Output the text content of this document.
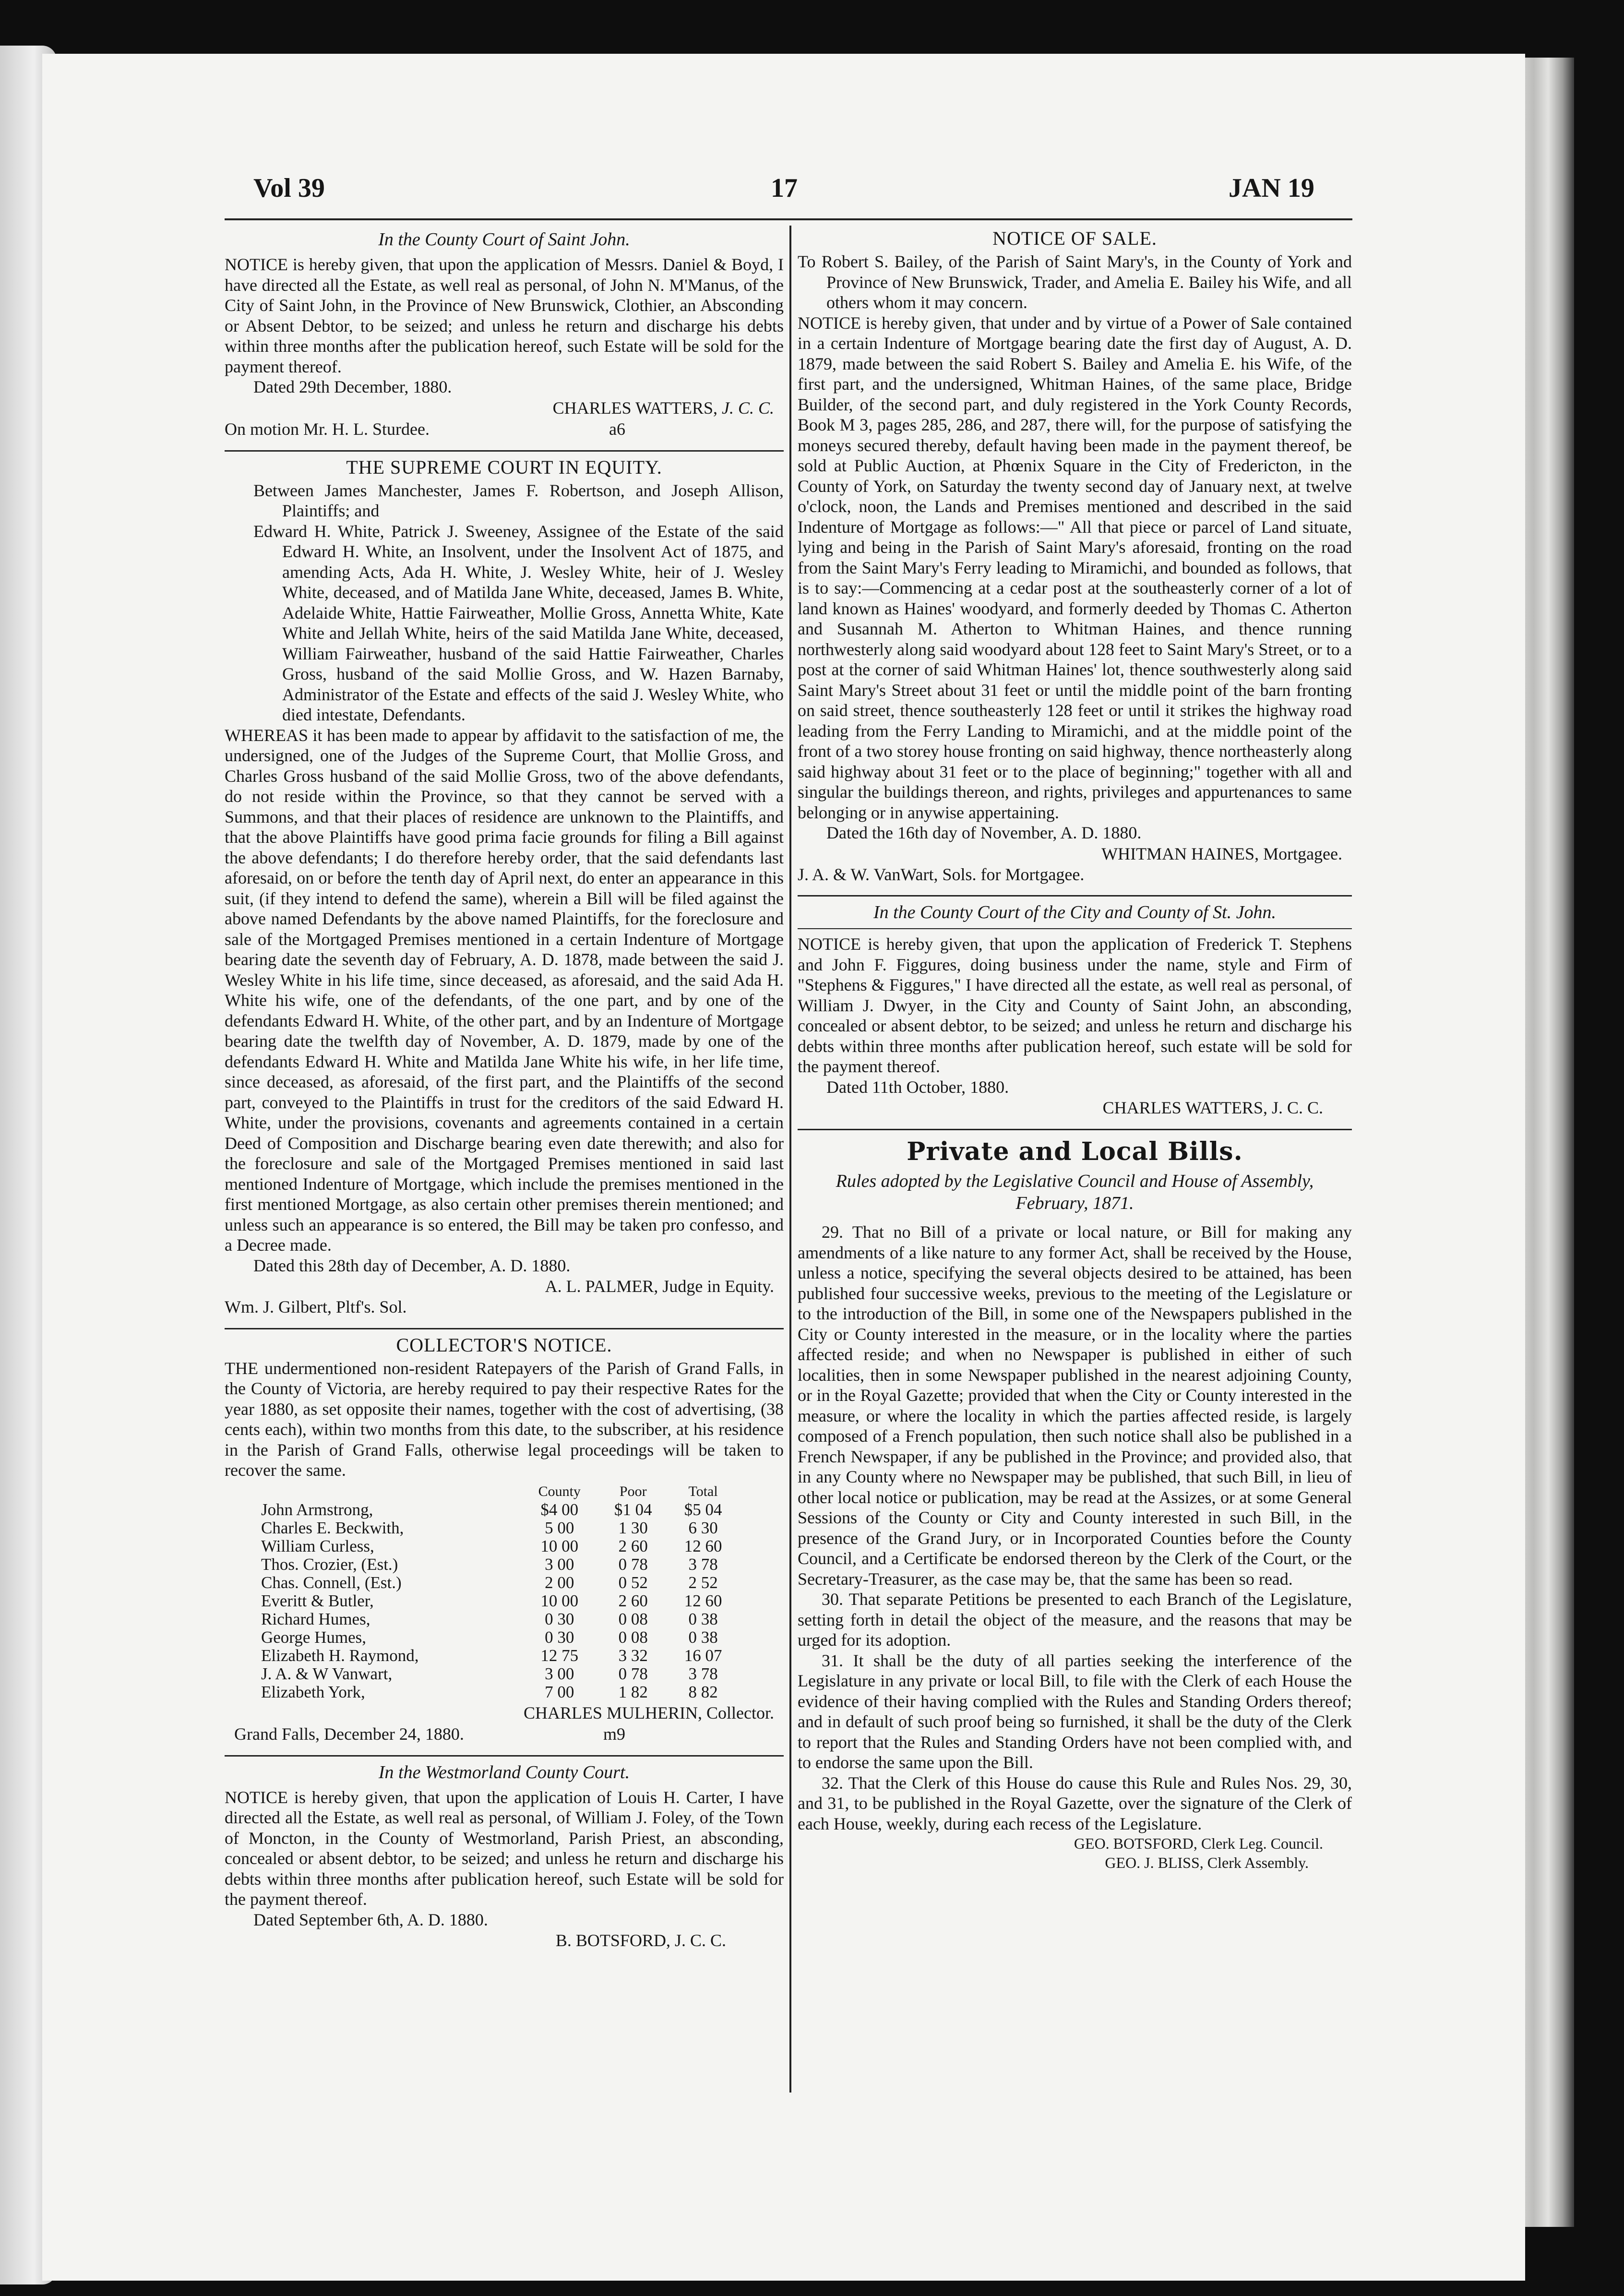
Vol 39	17	JAN 19
In the County Court of Saint John.

NOTICE is hereby given, that upon the application of Messrs. Daniel & Boyd, I have directed all the Estate, as well real as personal, of John N. M'Manus, of the City of Saint John, in the Province of New Brunswick, Clothier, an Absconding or Absent Debtor, to be seized; and unless he return and discharge his debts within three months after the publication hereof, such Estate will be sold for the payment thereof.

Dated 29th December, 1880.
CHARLES WATTERS, J. C. C.
On motion Mr. H. L. Sturdee.	a6
THE SUPREME COURT IN EQUITY.

Between James Manchester, James F. Robertson, and Joseph Allison, Plaintiffs; and

Edward H. White, Patrick J. Sweeney, Assignee of the Estate of the said Edward H. White, an Insolvent, under the Insolvent Act of 1875, and amending Acts, Ada H. White, J. Wesley White, heir of J. Wesley White, deceased, and of Matilda Jane White, deceased, James B. White, Adelaide White, Hattie Fairweather, Mollie Gross, Annetta White, Kate White and Jellah White, heirs of the said Matilda Jane White, deceased, William Fairweather, husband of the said Hattie Fairweather, Charles Gross, husband of the said Mollie Gross, and W. Hazen Barnaby, Administrator of the Estate and effects of the said J. Wesley White, who died intestate, Defendants.

WHEREAS it has been made to appear by affidavit to the satisfaction of me, the undersigned, one of the Judges of the Supreme Court, that Mollie Gross, and Charles Gross husband of the said Mollie Gross, two of the above defendants, do not reside within the Province, so that they cannot be served with a Summons, and that their places of residence are unknown to the Plaintiffs, and that the above Plaintiffs have good prima facie grounds for filing a Bill against the above defendants; I do therefore hereby order, that the said defendants last aforesaid, on or before the tenth day of April next, do enter an appearance in this suit, (if they intend to defend the same), wherein a Bill will be filed against the above named Defendants by the above named Plaintiffs, for the foreclosure and sale of the Mortgaged Premises mentioned in a certain Indenture of Mortgage bearing date the seventh day of February, A. D. 1878, made between the said J. Wesley White in his life time, since deceased, as aforesaid, and the said Ada H. White his wife, one of the defendants, of the one part, and by one of the defendants Edward H. White, of the other part, and by an Indenture of Mortgage bearing date the twelfth day of November, A. D. 1879, made by one of the defendants Edward H. White and Matilda Jane White his wife, in her life time, since deceased, as aforesaid, of the first part, and the Plaintiffs of the second part, conveyed to the Plaintiffs in trust for the creditors of the said Edward H. White, under the provisions, covenants and agreements contained in a certain Deed of Composition and Discharge bearing even date therewith; and also for the foreclosure and sale of the Mortgaged Premises mentioned in said last mentioned Indenture of Mortgage, which include the premises mentioned in the first mentioned Mortgage, as also certain other premises therein mentioned; and unless such an appearance is so entered, the Bill may be taken pro confesso, and a Decree made.

Dated this 28th day of December, A. D. 1880.
A. L. PALMER, Judge in Equity.
Wm. J. Gilbert, Pltf's. Sol.
COLLECTOR'S NOTICE.

THE undermentioned non-resident Ratepayers of the Parish of Grand Falls, in the County of Victoria, are hereby required to pay their respective Rates for the year 1880, as set opposite their names, together with the cost of advertising, (38 cents each), within two months from this date, to the subscriber, at his residence in the Parish of Grand Falls, otherwise legal proceedings will be taken to recover the same.

	County	Poor	Total
John Armstrong,	$4 00	$1 04	$5 04
Charles E. Beckwith,	5 00	1 30	6 30
William Curless,	10 00	2 60	12 60
Thos. Crozier, (Est.)	3 00	0 78	3 78
Chas. Connell, (Est.)	2 00	0 52	2 52
Everitt & Butler,	10 00	2 60	12 60
Richard Humes,	0 30	0 08	0 38
George Humes,	0 30	0 08	0 38
Elizabeth H. Raymond,	12 75	3 32	16 07
J. A. & W Vanwart,	3 00	0 78	3 78
Elizabeth York,	7 00	1 82	8 82
CHARLES MULHERIN, Collector.
Grand Falls, December 24, 1880.	m9
In the Westmorland County Court.

NOTICE is hereby given, that upon the application of Louis H. Carter, I have directed all the Estate, as well real as personal, of William J. Foley, of the Town of Moncton, in the County of Westmorland, Parish Priest, an absconding, concealed or absent debtor, to be seized; and unless he return and discharge his debts within three months after publication hereof, such Estate will be sold for the payment thereof.

Dated September 6th, A. D. 1880.
B. BOTSFORD, J. C. C.
NOTICE OF SALE.

To Robert S. Bailey, of the Parish of Saint Mary's, in the County of York and Province of New Brunswick, Trader, and Amelia E. Bailey his Wife, and all others whom it may concern.

NOTICE is hereby given, that under and by virtue of a Power of Sale contained in a certain Indenture of Mortgage bearing date the first day of August, A. D. 1879, made between the said Robert S. Bailey and Amelia E. his Wife, of the first part, and the undersigned, Whitman Haines, of the same place, Bridge Builder, of the second part, and duly registered in the York County Records, Book M 3, pages 285, 286, and 287, there will, for the purpose of satisfying the moneys secured thereby, default having been made in the payment thereof, be sold at Public Auction, at Phœnix Square in the City of Fredericton, in the County of York, on Saturday the twenty second day of January next, at twelve o'clock, noon, the Lands and Premises mentioned and described in the said Indenture of Mortgage as follows:—" All that piece or parcel of Land situate, lying and being in the Parish of Saint Mary's aforesaid, fronting on the road from the Saint Mary's Ferry leading to Miramichi, and bounded as follows, that is to say:—Commencing at a cedar post at the southeasterly corner of a lot of land known as Haines' woodyard, and formerly deeded by Thomas C. Atherton and Susannah M. Atherton to Whitman Haines, and thence running northwesterly along said woodyard about 128 feet to Saint Mary's Street, or to a post at the corner of said Whitman Haines' lot, thence southwesterly along said Saint Mary's Street about 31 feet or until the middle point of the barn fronting on said street, thence southeasterly 128 feet or until it strikes the highway road leading from the Ferry Landing to Miramichi, and at the middle point of the front of a two storey house fronting on said highway, thence northeasterly along said highway about 31 feet or to the place of beginning;" together with all and singular the buildings thereon, and rights, privileges and appurtenances to same belonging or in anywise appertaining.

Dated the 16th day of November, A. D. 1880.
WHITMAN HAINES, Mortgagee.
J. A. & W. VanWart, Sols. for Mortgagee.
In the County Court of the City and County of St. John.

NOTICE is hereby given, that upon the application of Frederick T. Stephens and John F. Figgures, doing business under the name, style and Firm of "Stephens & Figgures," I have directed all the estate, as well real as personal, of William J. Dwyer, in the City and County of Saint John, an absconding, concealed or absent debtor, to be seized; and unless he return and discharge his debts within three months after publication hereof, such estate will be sold for the payment thereof.

Dated 11th October, 1880.
CHARLES WATTERS, J. C. C.
Private and Local Bills.
Rules adopted by the Legislative Council and House of Assembly, February, 1871.

29. That no Bill of a private or local nature, or Bill for making any amendments of a like nature to any former Act, shall be received by the House, unless a notice, specifying the several objects desired to be attained, has been published four successive weeks, previous to the meeting of the Legislature or to the introduction of the Bill, in some one of the Newspapers published in the City or County interested in the measure, or in the locality where the parties affected reside; and when no Newspaper is published in either of such localities, then in some Newspaper published in the nearest adjoining County, or in the Royal Gazette; provided that when the City or County interested in the measure, or where the locality in which the parties affected reside, is largely composed of a French population, then such notice shall also be published in a French Newspaper, if any be published in the Province; and provided also, that in any County where no Newspaper may be published, that such Bill, in lieu of other local notice or publication, may be read at the Assizes, or at some General Sessions of the County or City and County interested in such Bill, in the presence of the Grand Jury, or in Incorporated Counties before the County Council, and a Certificate be endorsed thereon by the Clerk of the Court, or the Secretary-Treasurer, as the case may be, that the same has been so read.

30. That separate Petitions be presented to each Branch of the Legislature, setting forth in detail the object of the measure, and the reasons that may be urged for its adoption.

31. It shall be the duty of all parties seeking the interference of the Legislature in any private or local Bill, to file with the Clerk of each House the evidence of their having complied with the Rules and Standing Orders thereof; and in default of such proof being so furnished, it shall be the duty of the Clerk to report that the Rules and Standing Orders have not been complied with, and to endorse the same upon the Bill.

32. That the Clerk of this House do cause this Rule and Rules Nos. 29, 30, and 31, to be published in the Royal Gazette, over the signature of the Clerk of each House, weekly, during each recess of the Legislature.

GEO. BOTSFORD, Clerk Leg. Council.
GEO. J. BLISS, Clerk Assembly.
